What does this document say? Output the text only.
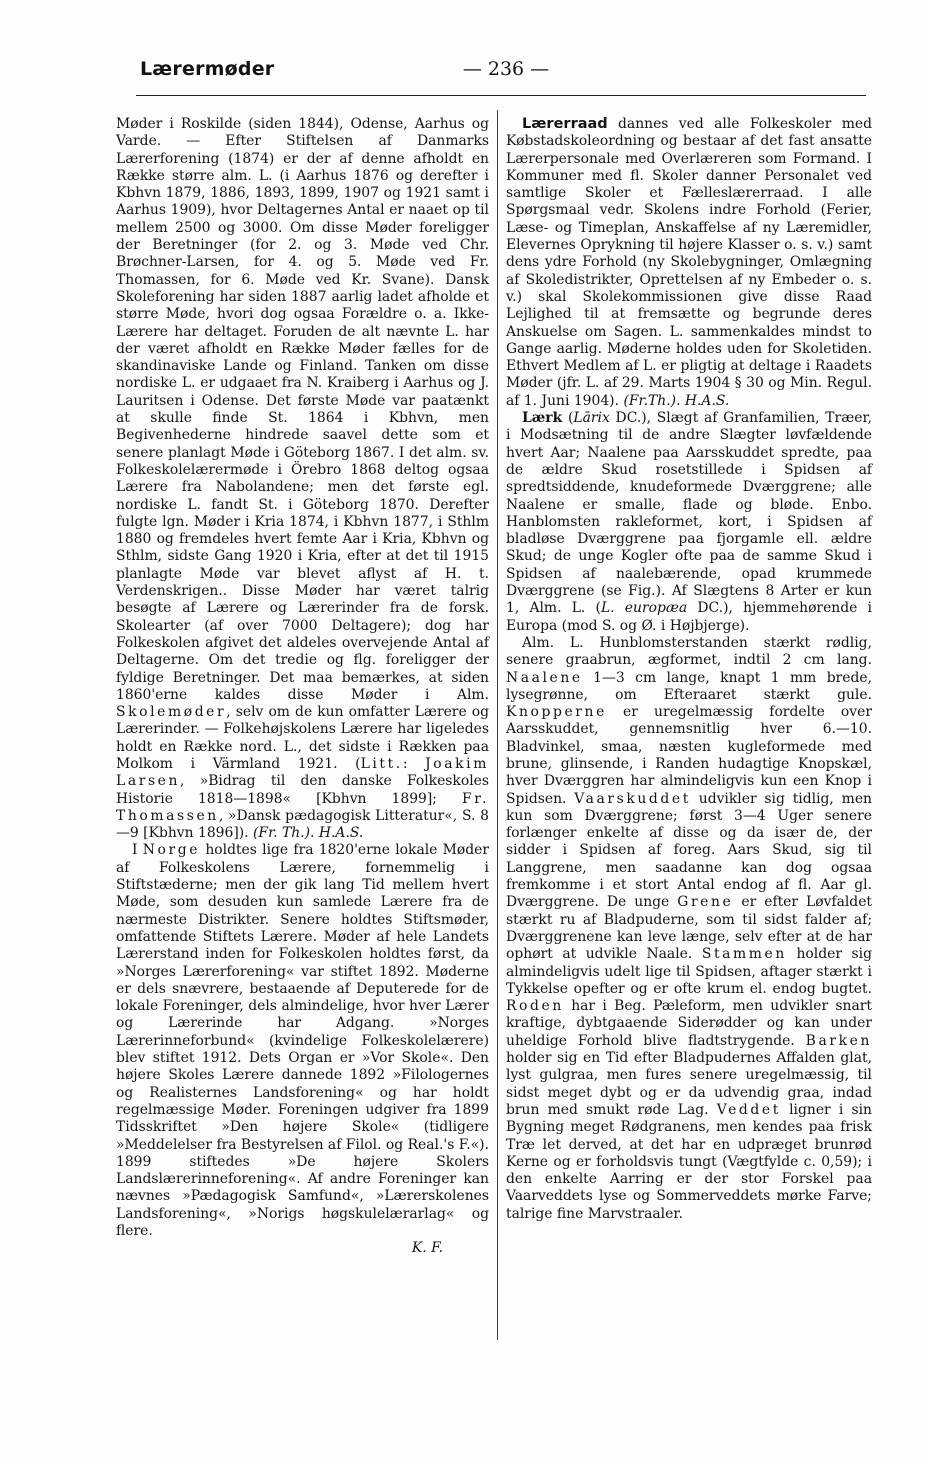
Lærermøder	— 236 —

Møder i Roskilde (siden 1844), Odense, Aarhus og Varde. — Efter Stiftelsen af Danmarks Lærerforening (1874) er der af denne afholdt en Række større alm. L. (i Aarhus 1876 og derefter i Kbhvn 1879, 1886, 1893, 1899, 1907 og 1921 samt i Aarhus 1909), hvor Deltagernes Antal er naaet op til mellem 2500 og 3000. Om disse Møder foreligger der Beretninger (for 2. og 3. Møde ved Chr. Brøchner-Larsen, for 4. og 5. Møde ved Fr. Thomassen, for 6. Møde ved Kr. Svane). Dansk Skoleforening har siden 1887 aarlig ladet afholde et større Møde, hvori dog ogsaa Forældre o. a. Ikke-Lærere har deltaget. Foruden de alt nævnte L. har der været afholdt en Række Møder fælles for de skandinaviske Lande og Finland. Tanken om disse nordiske L. er udgaaet fra N. Kraiberg i Aarhus og J. Lauritsen i Odense. Det første Møde var paatænkt at skulle finde St. 1864 i Kbhvn, men Begivenhederne hindrede saavel dette som et senere planlagt Møde i Göteborg 1867. I det alm. sv. Folkeskolelærermøde i Örebro 1868 deltog ogsaa Lærere fra Nabolandene; men det første egl. nordiske L. fandt St. i Göteborg 1870. Derefter fulgte lgn. Møder i Kria 1874, i Kbhvn 1877, i Sthlm 1880 og fremdeles hvert femte Aar i Kria, Kbhvn og Sthlm, sidste Gang 1920 i Kria, efter at det til 1915 planlagte Møde var blevet aflyst af H. t. Verdenskrigen.. Disse Møder har været talrig besøgte af Lærere og Lærerinder fra de forsk. Skolearter (af over 7000 Deltagere); dog har Folkeskolen afgivet det aldeles overvejende Antal af Deltagerne. Om det tredie og flg. foreligger der fyldige Beretninger. Det maa bemærkes, at siden 1860'erne kaldes disse Møder i Alm. Skolemøder, selv om de kun omfatter Lærere og Lærerinder. — Folkehøjskolens Lærere har ligeledes holdt en Række nord. L., det sidste i Rækken paa Molkom i Värmland 1921. (Litt.: Joakim Larsen, »Bidrag til den danske Folkeskoles Historie 1818—1898« [Kbhvn 1899]; Fr. Thomassen, »Dansk pædagogisk Litteratur«, S. 8—9 [Kbhvn 1896]). (Fr. Th.). H.A.S.

I Norge holdtes lige fra 1820'erne lokale Møder af Folkeskolens Lærere, fornemmelig i Stiftstæderne; men der gik lang Tid mellem hvert Møde, som desuden kun samlede Lærere fra de nærmeste Distrikter. Senere holdtes Stiftsmøder, omfattende Stiftets Lærere. Møder af hele Landets Lærerstand inden for Folkeskolen holdtes først, da »Norges Lærerforening« var stiftet 1892. Møderne er dels snævrere, bestaaende af Deputerede for de lokale Foreninger, dels almindelige, hvor hver Lærer og Lærerinde har Adgang. »Norges Lærerinneforbund« (kvindelige Folkeskolelærere) blev stiftet 1912. Dets Organ er »Vor Skole«. Den højere Skoles Lærere dannede 1892 »Filologernes og Realisternes Landsforening« og har holdt regelmæssige Møder. Foreningen udgiver fra 1899 Tidsskriftet »Den højere Skole« (tidligere »Meddelelser fra Bestyrelsen af Filol. og Real.'s F.«). 1899 stiftedes »De højere Skolers Landslærerinneforening«. Af andre Foreninger kan nævnes »Pædagogisk Samfund«, »Lærerskolenes Landsforening«, »Norigs høgskulelærarlag« og flere.

K. F.

Lærerraad dannes ved alle Folkeskoler med Købstadskoleordning og bestaar af det fast ansatte Lærerpersonale med Overlæreren som Formand. I Kommuner med fl. Skoler danner Personalet ved samtlige Skoler et Fælleslærerraad. I alle Spørgsmaal vedr. Skolens indre Forhold (Ferier, Læse- og Timeplan, Anskaffelse af ny Læremidler, Elevernes Oprykning til højere Klasser o. s. v.) samt dens ydre Forhold (ny Skolebygninger, Omlægning af Skoledistrikter, Oprettelsen af ny Embeder o. s. v.) skal Skolekommissionen give disse Raad Lejlighed til at fremsætte og begrunde deres Anskuelse om Sagen. L. sammenkaldes mindst to Gange aarlig. Møderne holdes uden for Skoletiden. Ethvert Medlem af L. er pligtig at deltage i Raadets Møder (jfr. L. af 29. Marts 1904 § 30 og Min. Regul. af 1. Juni 1904). (Fr.Th.). H.A.S.

Lærk (Lārix DC.), Slægt af Granfamilien, Træer, i Modsætning til de andre Slægter løvfældende hvert Aar; Naalene paa Aarsskuddet spredte, paa de ældre Skud rosetstillede i Spidsen af spredtsiddende, knudeformede Dværggrene; alle Naalene er smalle, flade og bløde. Enbo. Hanblomsten rakleformet, kort, i Spidsen af bladløse Dværggrene paa fjorgamle ell. ældre Skud; de unge Kogler ofte paa de samme Skud i Spidsen af naalebærende, opad krummede Dværggrene (se Fig.). Af Slægtens 8 Arter er kun 1, Alm. L. (L. europæa DC.), hjemmehørende i Europa (mod S. og Ø. i Højbjerge).

Alm. L. Hunblomsterstanden stærkt rødlig, senere graabrun, ægformet, indtil 2 cm lang. Naalene 1—3 cm lange, knapt 1 mm brede, lysegrønne, om Efteraaret stærkt gule. Knopperne er uregelmæssig fordelte over Aarsskuddet, gennemsnitlig hver 6.—10. Bladvinkel, smaa, næsten kugleformede med brune, glinsende, i Randen hudagtige Knopskæl, hver Dværggren har almindeligvis kun een Knop i Spidsen. Vaarskuddet udvikler sig tidlig, men kun som Dværggrene; først 3—4 Uger senere forlænger enkelte af disse og da især de, der sidder i Spidsen af foreg. Aars Skud, sig til Langgrene, men saadanne kan dog ogsaa fremkomme i et stort Antal endog af fl. Aar gl. Dværggrene. De unge Grene er efter Løvfaldet stærkt ru af Bladpuderne, som til sidst falder af; Dværggrenene kan leve længe, selv efter at de har ophørt at udvikle Naale. Stammen holder sig almindeligvis udelt lige til Spidsen, aftager stærkt i Tykkelse opefter og er ofte krum el. endog bugtet. Roden har i Beg. Pæleform, men udvikler snart kraftige, dybtgaaende Siderødder og kan under uheldige Forhold blive fladtstrygende. Barken holder sig en Tid efter Bladpudernes Affalden glat, lyst gulgraa, men fures senere uregelmæssig, til sidst meget dybt og er da udvendig graa, indad brun med smukt røde Lag. Veddet ligner i sin Bygning meget Rødgranens, men kendes paa frisk Træ let derved, at det har en udpræget brunrød Kerne og er forholdsvis tungt (Vægtfylde c. 0,59); i den enkelte Aarring er der stor Forskel paa Vaarveddets lyse og Sommerveddets mørke Farve; talrige fine Marvstraaler.
